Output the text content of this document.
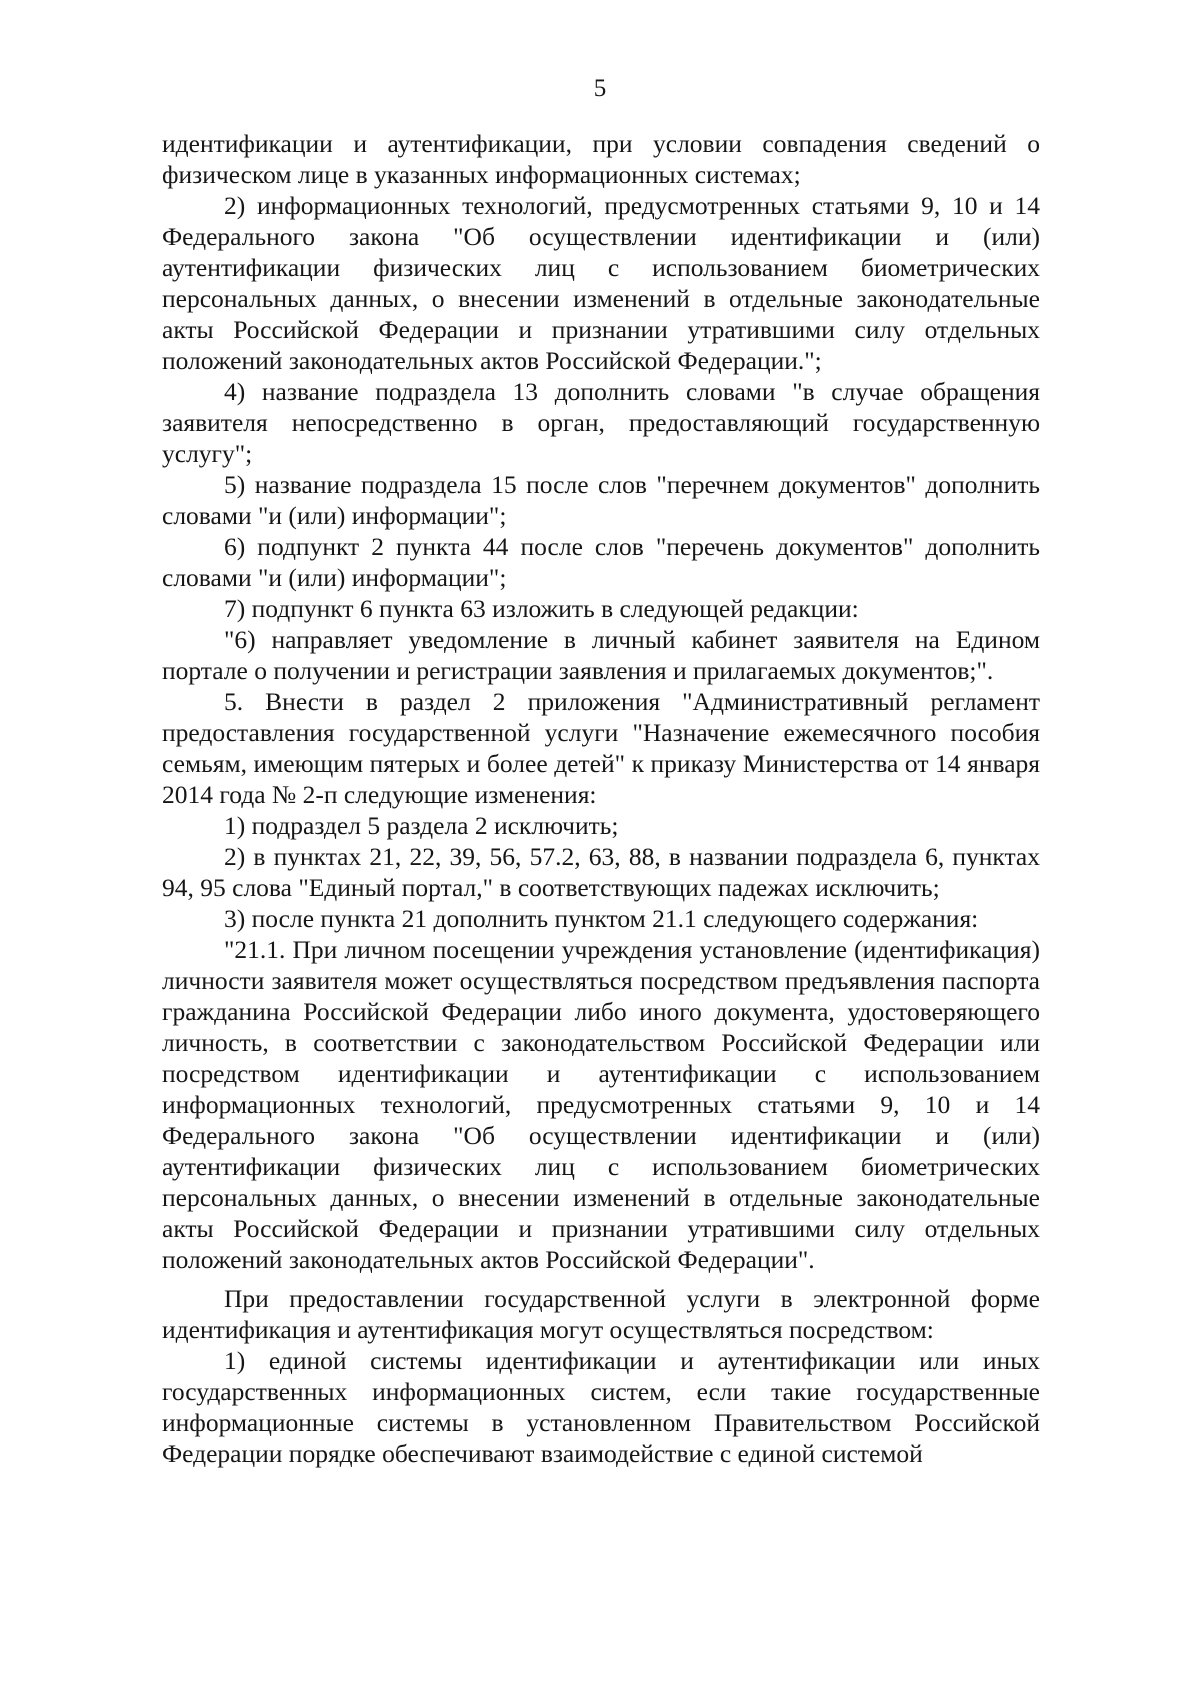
5

идентификации и аутентификации, при условии совпадения сведений о физическом лице в указанных информационных системах;

2) информационных технологий, предусмотренных статьями 9, 10 и 14 Федерального закона "Об осуществлении идентификации и (или) аутентификации физических лиц с использованием биометрических персональных данных, о внесении изменений в отдельные законодательные акты Российской Федерации и признании утратившими силу отдельных положений законодательных актов Российской Федерации.";

4) название подраздела 13 дополнить словами "в случае обращения заявителя непосредственно в орган, предоставляющий государственную услугу";

5) название подраздела 15 после слов "перечнем документов" дополнить словами "и (или) информации";

6) подпункт 2 пункта 44 после слов "перечень документов" дополнить словами "и (или) информации";

7) подпункт 6 пункта 63 изложить в следующей редакции:

"6) направляет уведомление в личный кабинет заявителя на Едином портале о получении и регистрации заявления и прилагаемых документов;".

5. Внести в раздел 2 приложения "Административный регламент предоставления государственной услуги "Назначение ежемесячного пособия семьям, имеющим пятерых и более детей" к приказу Министерства от 14 января 2014 года № 2-п следующие изменения:

1) подраздел 5 раздела 2 исключить;

2) в пунктах 21, 22, 39, 56, 57.2, 63, 88, в названии подраздела 6, пунктах 94, 95 слова "Единый портал," в соответствующих падежах исключить;

3) после пункта 21 дополнить пунктом 21.1 следующего содержания:

"21.1. При личном посещении учреждения установление (идентификация) личности заявителя может осуществляться посредством предъявления паспорта гражданина Российской Федерации либо иного документа, удостоверяющего личность, в соответствии с законодательством Российской Федерации или посредством идентификации и аутентификации с использованием информационных технологий, предусмотренных статьями 9, 10 и 14 Федерального закона "Об осуществлении идентификации и (или) аутентификации физических лиц с использованием биометрических персональных данных, о внесении изменений в отдельные законодательные акты Российской Федерации и признании утратившими силу отдельных положений законодательных актов Российской Федерации".

При предоставлении государственной услуги в электронной форме идентификация и аутентификация могут осуществляться посредством:

1) единой системы идентификации и аутентификации или иных государственных информационных систем, если такие государственные информационные системы в установленном Правительством Российской Федерации порядке обеспечивают взаимодействие с единой системой
